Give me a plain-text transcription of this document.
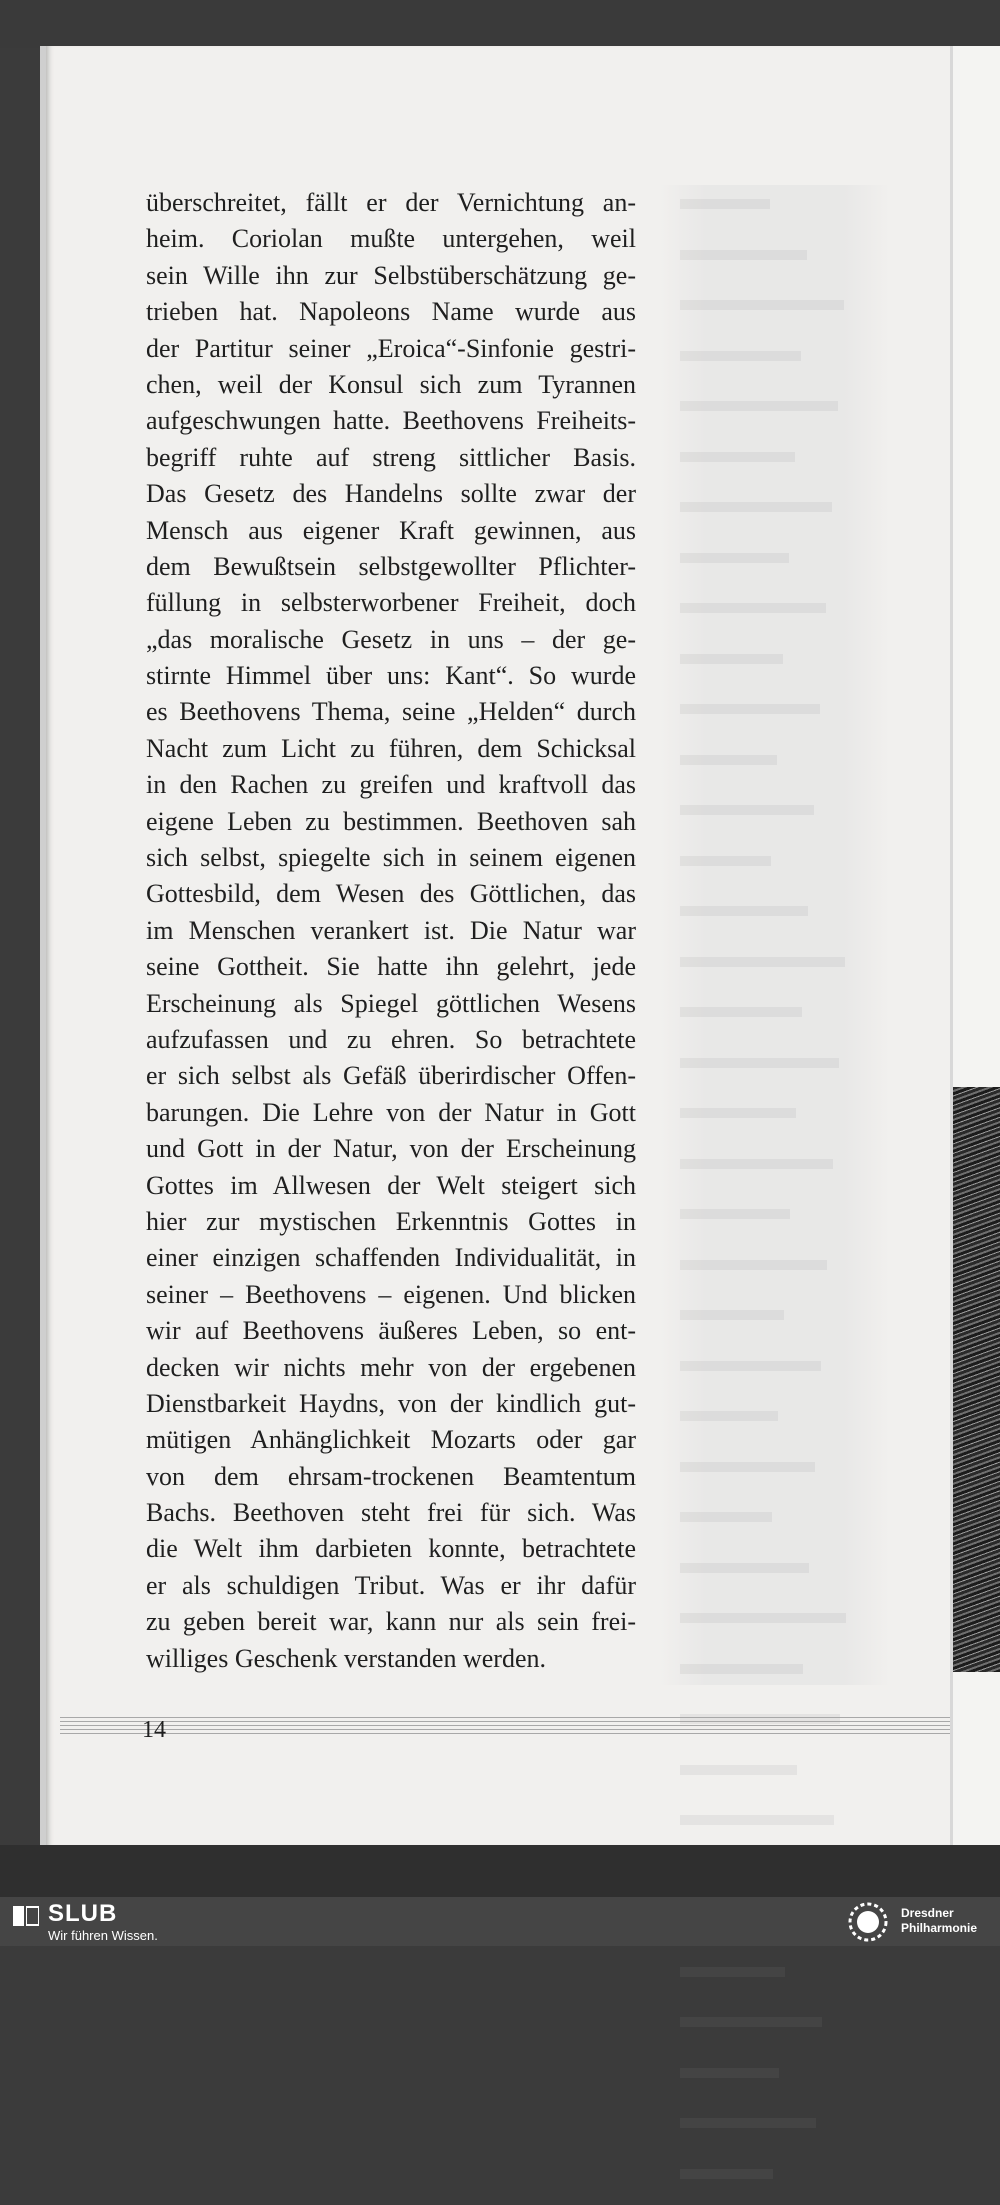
überschreitet, fällt er der Vernichtung an-
heim. Coriolan mußte untergehen, weil
sein Wille ihn zur Selbstüberschätzung ge-
trieben hat. Napoleons Name wurde aus
der Partitur seiner „Eroica“-Sinfonie gestri-
chen, weil der Konsul sich zum Tyrannen
aufgeschwungen hatte. Beethovens Freiheits-
begriff ruhte auf streng sittlicher Basis.
Das Gesetz des Handelns sollte zwar der
Mensch aus eigener Kraft gewinnen, aus
dem Bewußtsein selbstgewollter Pflichter-
füllung in selbsterworbener Freiheit, doch
„das moralische Gesetz in uns – der ge-
stirnte Himmel über uns: Kant“. So wurde
es Beethovens Thema, seine „Helden“ durch
Nacht zum Licht zu führen, dem Schicksal
in den Rachen zu greifen und kraftvoll das
eigene Leben zu bestimmen. Beethoven sah
sich selbst, spiegelte sich in seinem eigenen
Gottesbild, dem Wesen des Göttlichen, das
im Menschen verankert ist. Die Natur war
seine Gottheit. Sie hatte ihn gelehrt, jede
Erscheinung als Spiegel göttlichen Wesens
aufzufassen und zu ehren. So betrachtete
er sich selbst als Gefäß überirdischer Offen-
barungen. Die Lehre von der Natur in Gott
und Gott in der Natur, von der Erscheinung
Gottes im Allwesen der Welt steigert sich
hier zur mystischen Erkenntnis Gottes in
einer einzigen schaffenden Individualität, in
seiner – Beethovens – eigenen. Und blicken
wir auf Beethovens äußeres Leben, so ent-
decken wir nichts mehr von der ergebenen
Dienstbarkeit Haydns, von der kindlich gut-
mütigen Anhänglichkeit Mozarts oder gar
von dem ehrsam-trockenen Beamtentum
Bachs. Beethoven steht frei für sich. Was
die Welt ihm darbieten konnte, betrachtete
er als schuldigen Tribut. Was er ihr dafür
zu geben bereit war, kann nur als sein frei-
williges Geschenk verstanden werden.
14
SLUB
Wir führen Wissen.
Dresdner
Philharmonie
